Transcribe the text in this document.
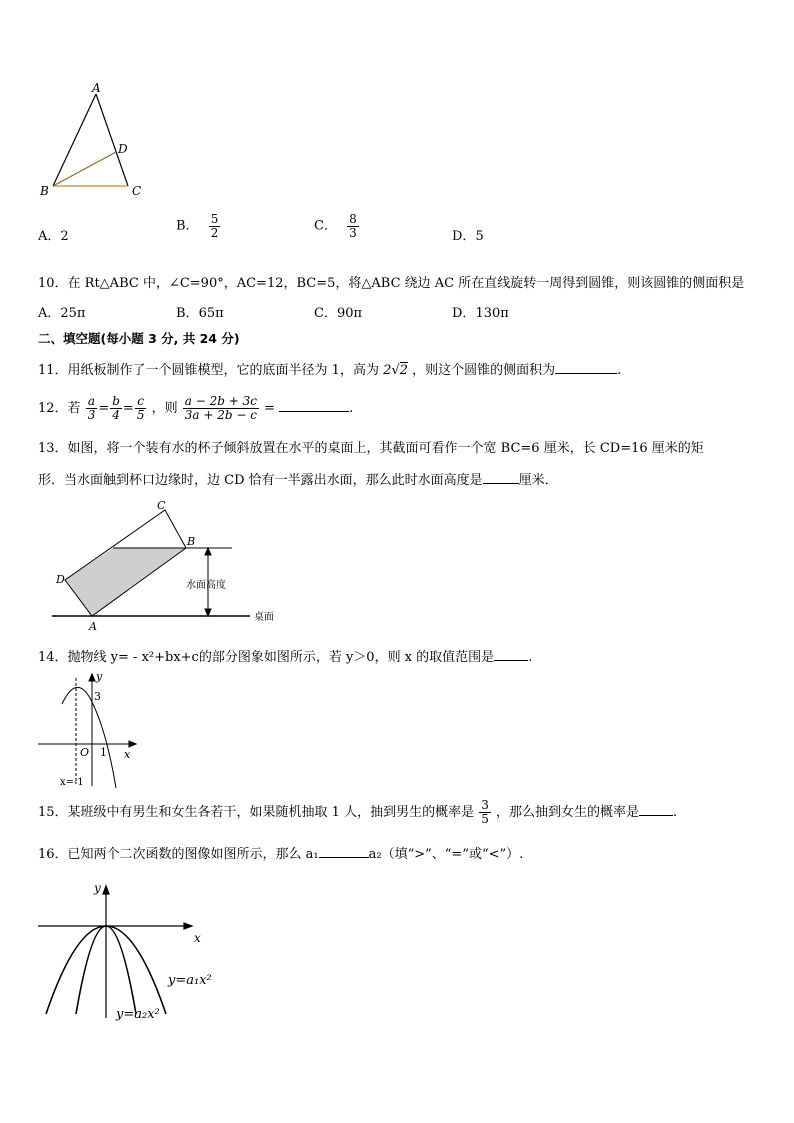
A
D
B	C
A．2
B． $\frac{5}{2}$	C． $\frac{8}{3}$	D．5
10．在 Rt△ABC 中，∠C=90°，AC=12，BC=5，将△ABC 绕边 AC 所在直线旋转一周得到圆锥，则该圆锥的侧面积是
A．25π	B．65π	C．90π	D．130π
二、填空题(每小题 3 分, 共 24 分)
11．用纸板制作了一个圆锥模型，它的底面半径为 1，高为 2√2 ，则这个圆锥的侧面积为	.
12．若 $\frac{a}{3} = \frac{b}{4} = \frac{c}{5}$ ，则 $\frac{a - 2b + 3c}{3a + 2b - c}$ =	.
13．如图，将一个装有水的杯子倾斜放置在水平的桌面上，其截面可看作一个宽 BC=6 厘米，长 CD=16 厘米的矩
形．当水面触到杯口边缘时，边 CD 恰有一半露出水面，那么此时水面高度是	厘米．
C
B
D
A
水面高度
桌面
14．抛物线 y= - x²+bx+c的部分图象如图所示，若 y＞0，则 x 的取值范围是	.
y
3
O 1 x
x=-1
15．某班级中有男生和女生各若干，如果随机抽取 1 人，抽到男生的概率是 $\frac{3}{5}$ ，那么抽到女生的概率是	.
16．已知两个二次函数的图像如图所示，那么 a₁	a₂（填“>”、“=”或“<”）.
y
x
y=a₁x²
y=a₂x²
